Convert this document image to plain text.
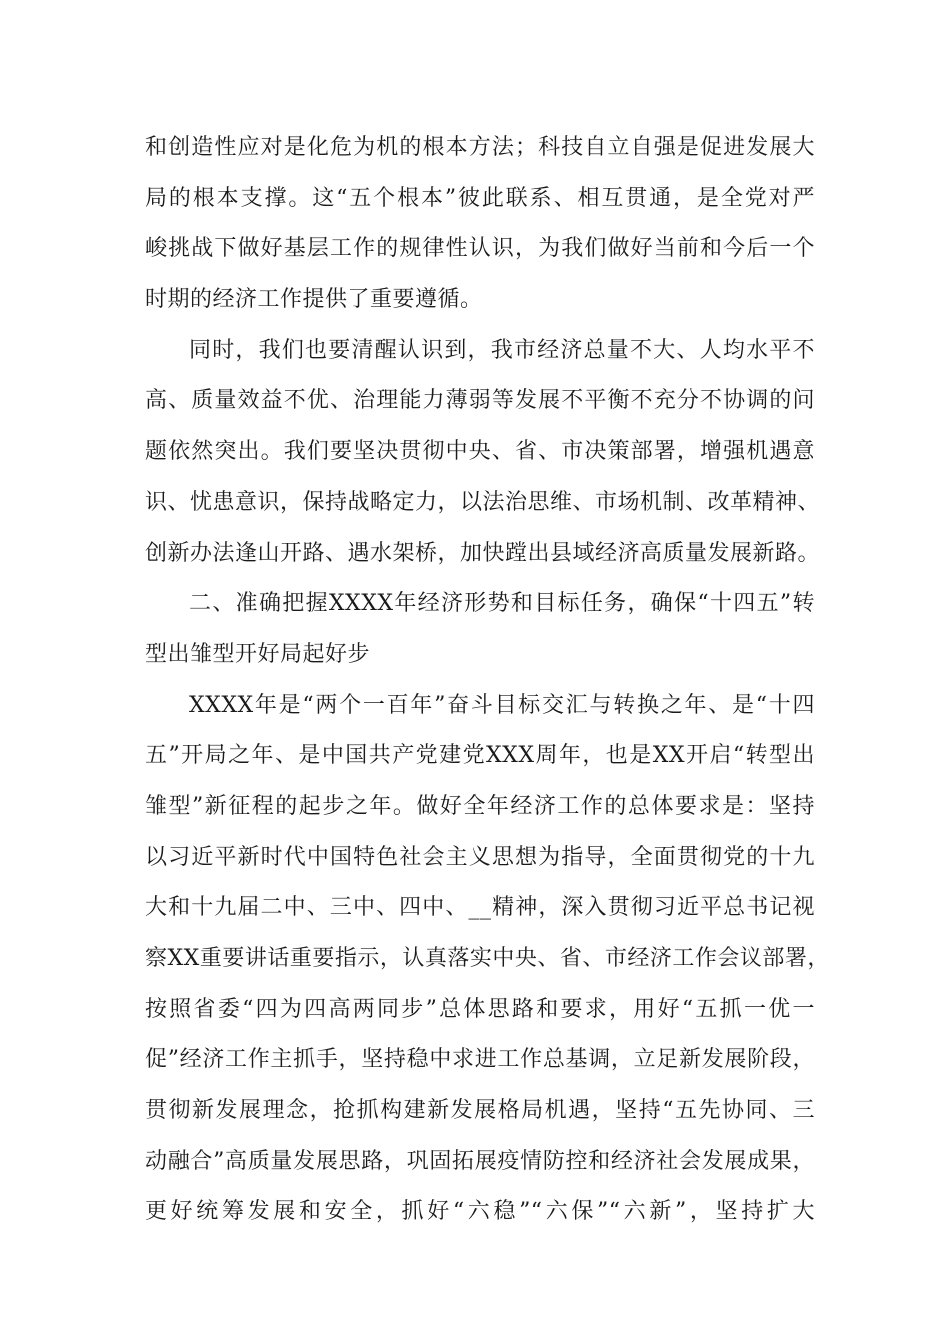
和创造性应对是化危为机的根本方法；科技自立自强是促进发展大
局的根本支撑。这“五个根本”彼此联系、相互贯通，是全党对严
峻挑战下做好基层工作的规律性认识，为我们做好当前和今后一个
时期的经济工作提供了重要遵循。
同时，我们也要清醒认识到，我市经济总量不大、人均水平不
高、质量效益不优、治理能力薄弱等发展不平衡不充分不协调的问
题依然突出。我们要坚决贯彻中央、省、市决策部署，增强机遇意
识、忧患意识，保持战略定力，以法治思维、市场机制、改革精神、
创新办法逢山开路、遇水架桥，加快蹚出县域经济高质量发展新路。
二、准确把握XXXX年经济形势和目标任务，确保“十四五”转
型出雏型开好局起好步
XXXX年是“两个一百年”奋斗目标交汇与转换之年、是“十四
五”开局之年、是中国共产党建党XXX周年，也是XX开启“转型出
雏型”新征程的起步之年。做好全年经济工作的总体要求是：坚持
以习近平新时代中国特色社会主义思想为指导，全面贯彻党的十九
大和十九届二中、三中、四中、__精神，深入贯彻习近平总书记视
察XX重要讲话重要指示，认真落实中央、省、市经济工作会议部署，
按照省委“四为四高两同步”总体思路和要求，用好“五抓一优一
促”经济工作主抓手，坚持稳中求进工作总基调，立足新发展阶段，
贯彻新发展理念，抢抓构建新发展格局机遇，坚持“五先协同、三
动融合”高质量发展思路，巩固拓展疫情防控和经济社会发展成果，
更好统筹发展和安全，抓好“六稳”“六保”“六新”，坚持扩大
